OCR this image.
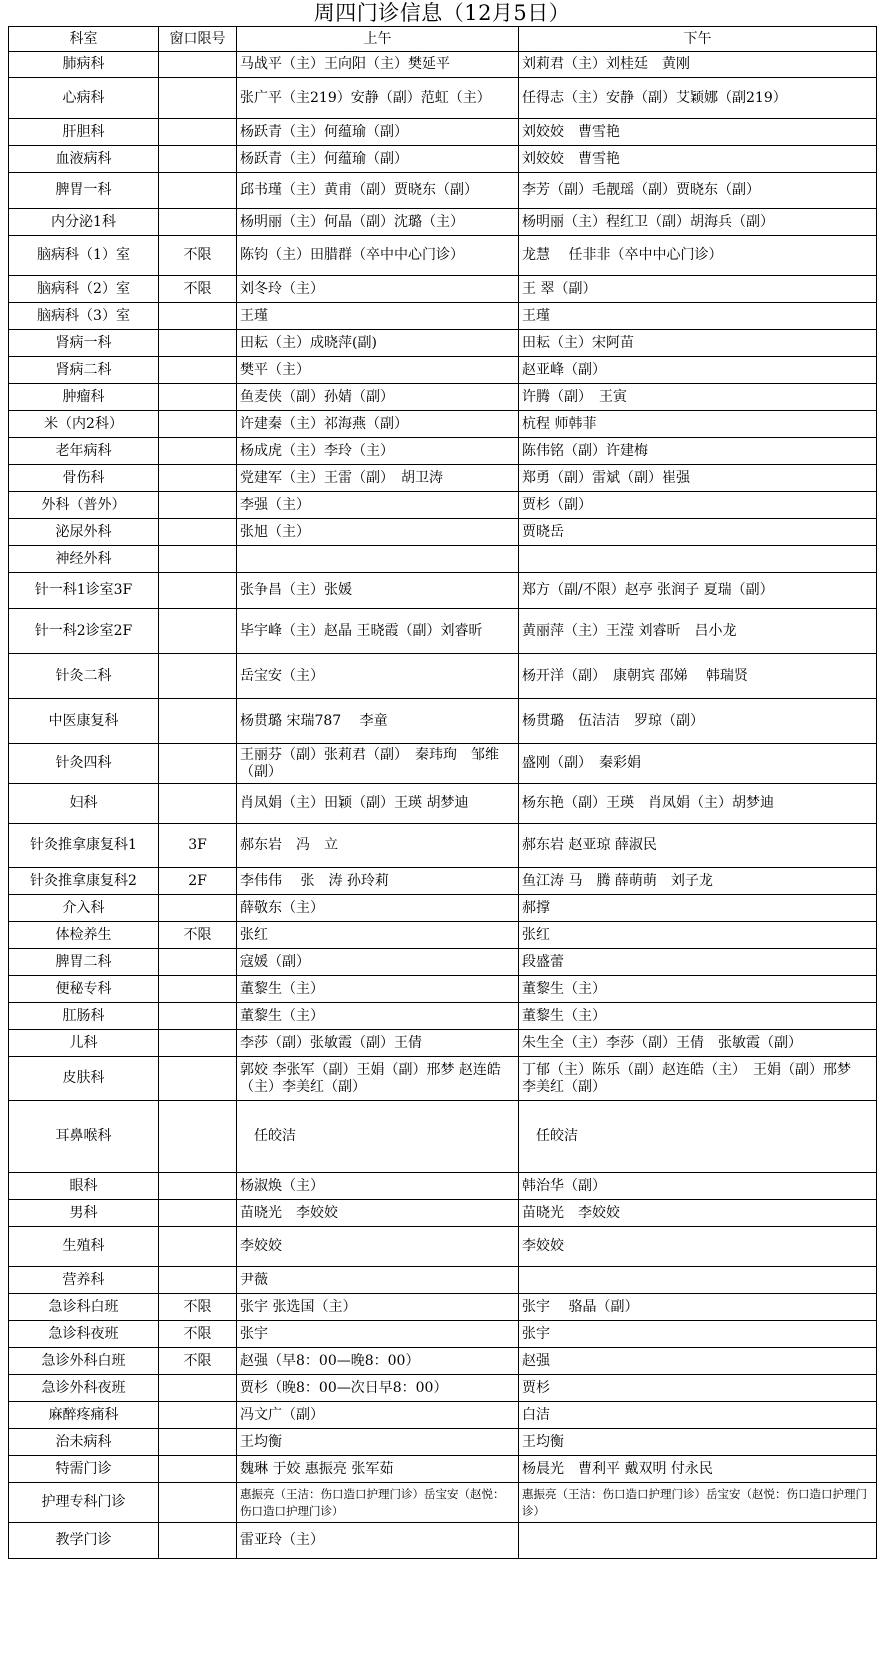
周四门诊信息（12月5日）
科室	窗口限号	上午	下午
肺病科		马战平（主）王向阳（主）樊延平	刘莉君（主）刘桂廷　黄刚
心病科		张广平（主219）安静（副）范虹（主）	任得志（主）安静（副）艾颖娜（副219）
肝胆科		杨跃青（主）何蕴瑜（副）	刘姣姣　曹雪艳
血液病科		杨跃青（主）何蕴瑜（副）	刘姣姣　曹雪艳
脾胃一科		邱书瑾（主）黄甫（副）贾晓东（副）	李芳（副）毛靓瑶（副）贾晓东（副）
内分泌1科		杨明丽（主）何晶（副）沈璐（主）	杨明丽（主）程红卫（副）胡海兵（副）
脑病科（1）室	不限	陈钧（主）田腊群（卒中中心门诊）	龙慧　 任非非（卒中中心门诊）
脑病科（2）室	不限	刘冬玲（主）	王 翠（副）
脑病科（3）室		王瑾	王瑾
肾病一科		田耘（主）成晓萍(副)	田耘（主）宋阿苗
肾病二科		樊平（主）	赵亚峰（副）
肿瘤科		鱼麦侠（副）孙婧（副）	许腾（副）　王寅
米（内2科）		许建秦（主）祁海燕（副）	杭程 师韩菲
老年病科		杨成虎（主）李玲（主）	陈伟铭（副）许建梅
骨伤科		党建军（主）王雷（副）　胡卫涛	郑勇（副）雷斌（副）崔强
外科（普外）		李强（主）	贾杉（副）
泌尿外科		张旭（主）	贾晓岳
神经外科			
针一科1诊室3F		张争昌（主）张媛	郑方（副/不限）赵亭 张润子 夏瑞（副）
针一科2诊室2F		毕宇峰（主）赵晶 王晓霞（副）刘睿昕	黄丽萍（主）王滢 刘睿昕　吕小龙
针灸二科		岳宝安（主）	杨开洋（副）　康朝宾 邵娣　 韩瑞贤
中医康复科		杨贯璐 宋瑞787　 李童	杨贯璐　伍洁洁　罗琼（副）
针灸四科		王丽芬（副）张莉君（副）　秦玮珣　邹维（副）	盛刚（副）　秦彩娟
妇科		肖凤娟（主）田颖（副）王瑛 胡梦迪	杨东艳（副）王瑛　肖凤娟（主）胡梦迪
针灸推拿康复科1	3F	郝东岩　冯　立	郝东岩 赵亚琼 薛淑民
针灸推拿康复科2	2F	李伟伟　 张　涛 孙玲莉	鱼江涛 马　腾 薛萌萌　刘子龙
介入科		薛敬东（主）	郝撑
体检养生	不限	张红	张红
脾胃二科		寇媛（副）	段盛蕾
便秘专科		董黎生（主）	董黎生（主）
肛肠科		董黎生（主）	董黎生（主）
儿科		李莎（副）张敏霞（副）王倩	朱生全（主）李莎（副）王倩　张敏霞（副）
皮肤科		郭姣 李张军（副）王娟（副）邢梦 赵连皓（主）李美红（副）	丁郁（主）陈乐（副）赵连皓（主）　王娟（副）邢梦　李美红（副）
耳鼻喉科		　任皎洁	　任皎洁
眼科		杨淑焕（主）	韩治华（副）
男科		苗晓光　李姣姣	苗晓光　李姣姣
生殖科		李姣姣	李姣姣
营养科		尹薇	
急诊科白班	不限	张宇 张选国（主）	张宇　 骆晶（副）
急诊科夜班	不限	张宇	张宇
急诊外科白班	不限	赵强（早8：00—晚8：00）	赵强
急诊外科夜班		贾杉（晚8：00—次日早8：00）	贾杉
麻醉疼痛科		冯文广（副）	白洁
治未病科		王均衡	王均衡
特需门诊		魏琳 于姣 惠振亮 张军茹	杨晨光　曹利平 戴双明 付永民
护理专科门诊		惠振亮（王洁：伤口造口护理门诊）岳宝安（赵悦：伤口造口护理门诊）	惠振亮（王洁：伤口造口护理门诊）岳宝安（赵悦：伤口造口护理门诊）
教学门诊		雷亚玲（主）	
